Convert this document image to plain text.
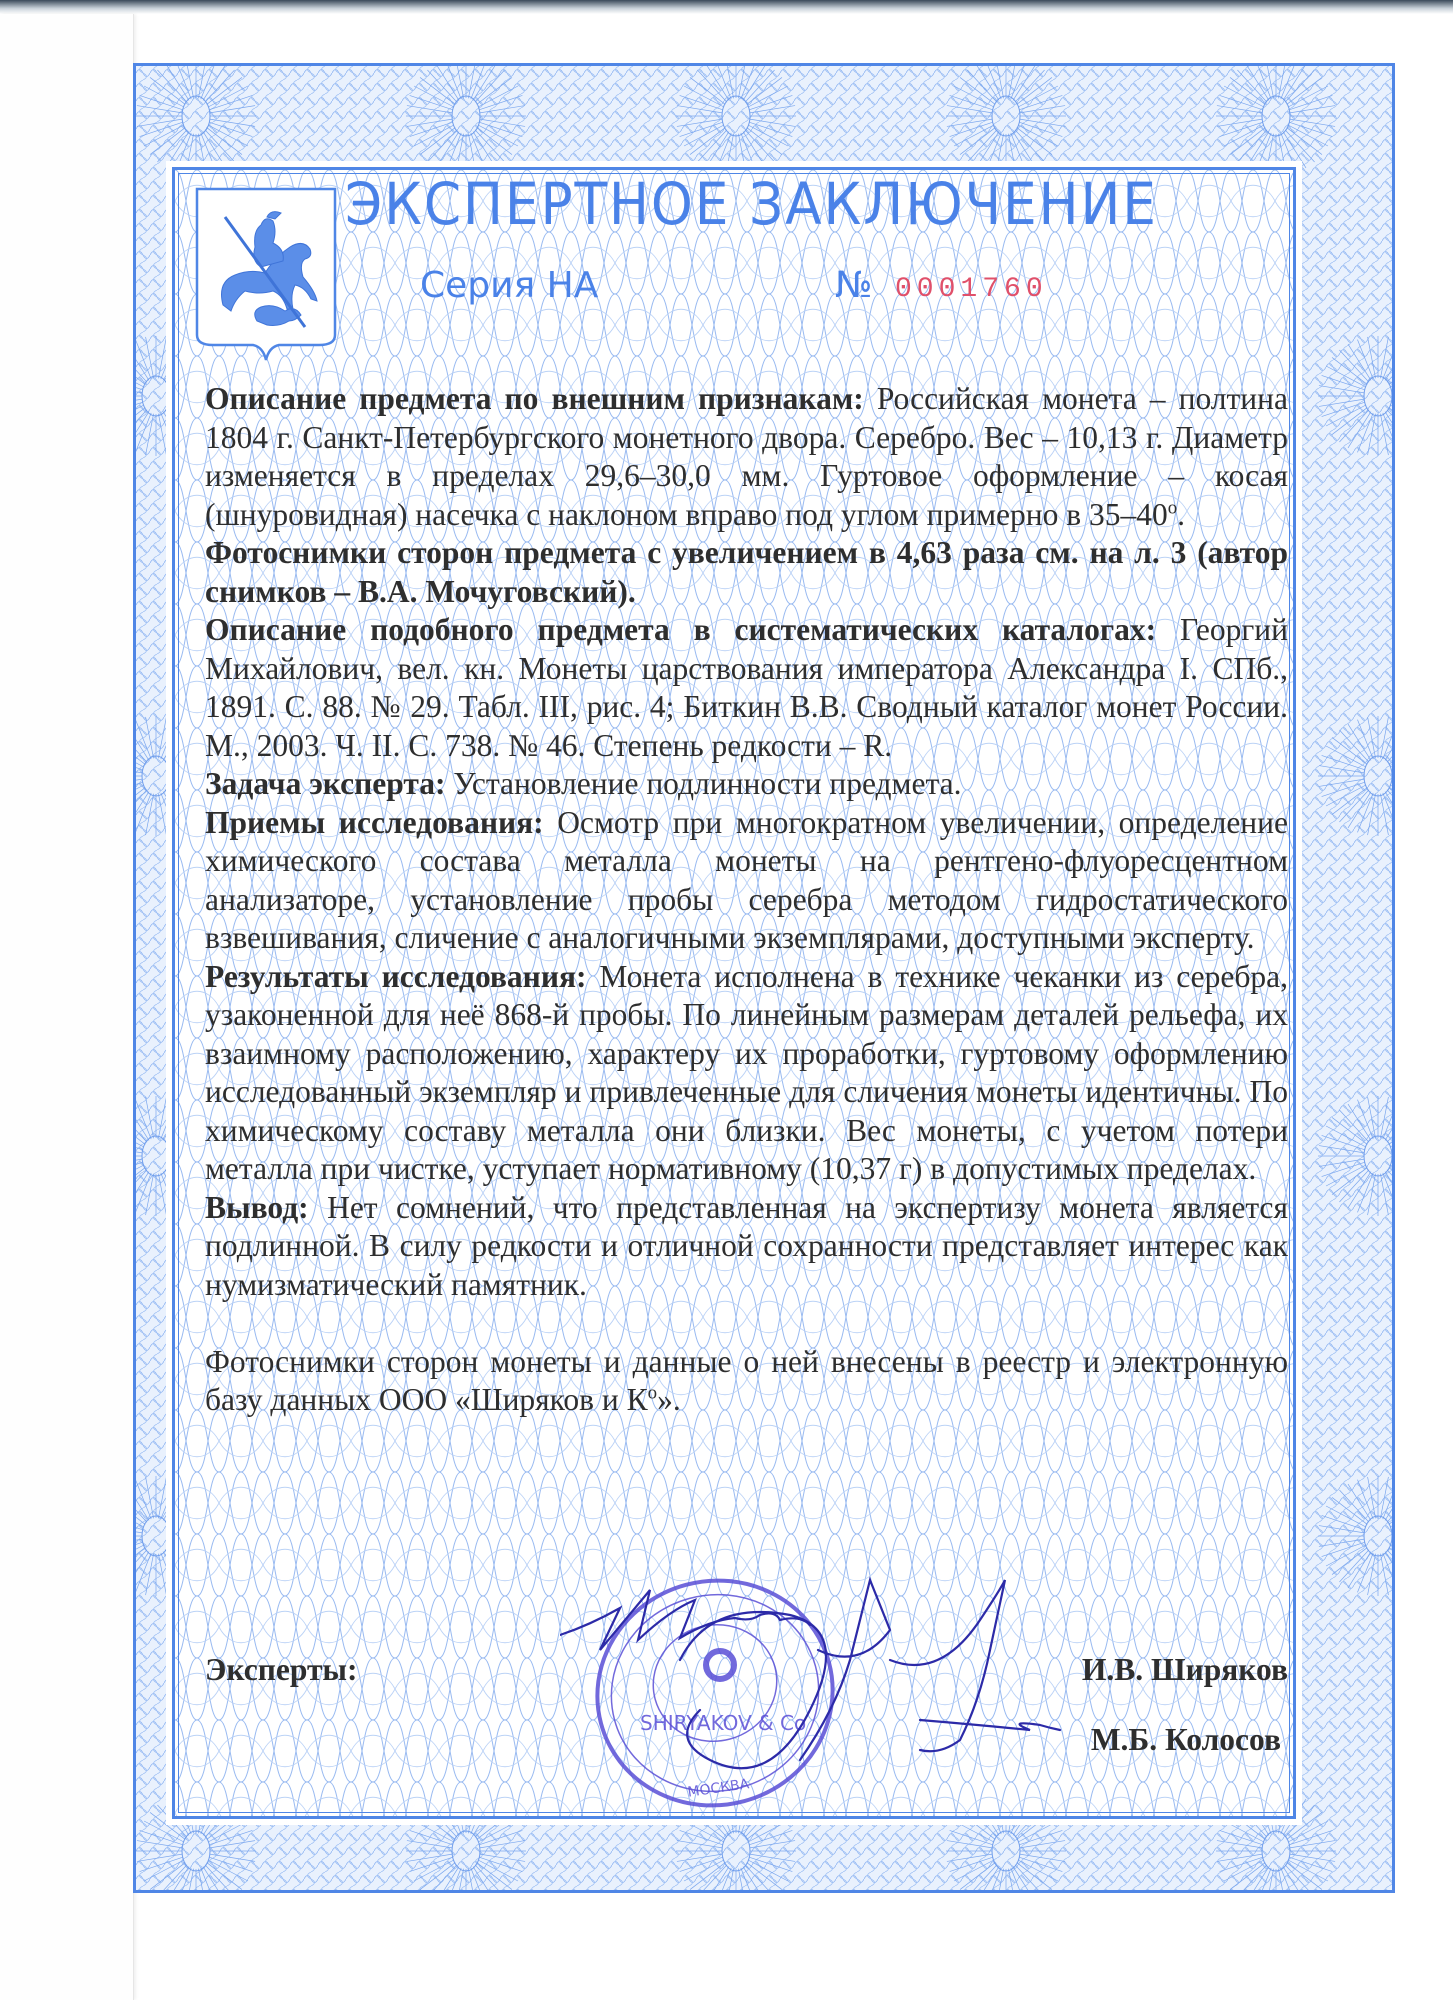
ЭКСПЕРТНОЕ ЗАКЛЮЧЕНИЕ
Серия НА	№ 0001760

Описание предмета по внешним признакам: Российская монета – полтина 1804 г. Санкт-Петербургского монетного двора. Серебро. Вес – 10,13 г. Диаметр изменяется в пределах 29,6–30,0 мм. Гуртовое оформление – косая (шнуровидная) насечка с наклоном вправо под углом примерно в 35–40$^o$.

Фотоснимки сторон предмета с увеличением в 4,63 раза см. на л. 3 (автор снимков – В.А. Мочуговский).

Описание подобного предмета в систематических каталогах: Георгий Михайлович, вел. кн. Монеты царствования императора Александра I. СПб., 1891. С. 88. № 29. Табл. III, рис. 4; Биткин В.В. Сводный каталог монет России. М., 2003. Ч. II. С. 738. № 46. Степень редкости – R.

Задача эксперта: Установление подлинности предмета.

Приемы исследования: Осмотр при многократном увеличении, определение химического состава металла монеты на рентгено-флуоресцентном анализаторе, установление пробы серебра методом гидростатического взвешивания, сличение с аналогичными экземплярами, доступными эксперту.

Результаты исследования: Монета исполнена в технике чеканки из серебра, узаконенной для неё 868-й пробы. По линейным размерам деталей рельефа, их взаимному расположению, характеру их проработки, гуртовому оформлению исследованный экземпляр и привлеченные для сличения монеты идентичны. По химическому составу металла они близки. Вес монеты, с учетом потери металла при чистке, уступает нормативному (10,37 г) в допустимых пределах.

Вывод: Нет сомнений, что представленная на экспертизу монета является подлинной. В силу редкости и отличной сохранности представляет интерес как нумизматический памятник.

Фотоснимки сторон монеты и данные о ней внесены в реестр и электронную базу данных ООО «Ширяков и $К^о$».

SHIRYAKOV & Co
МОСКВА
Эксперты:	И.В. Ширяков
М.Б. Колосов
